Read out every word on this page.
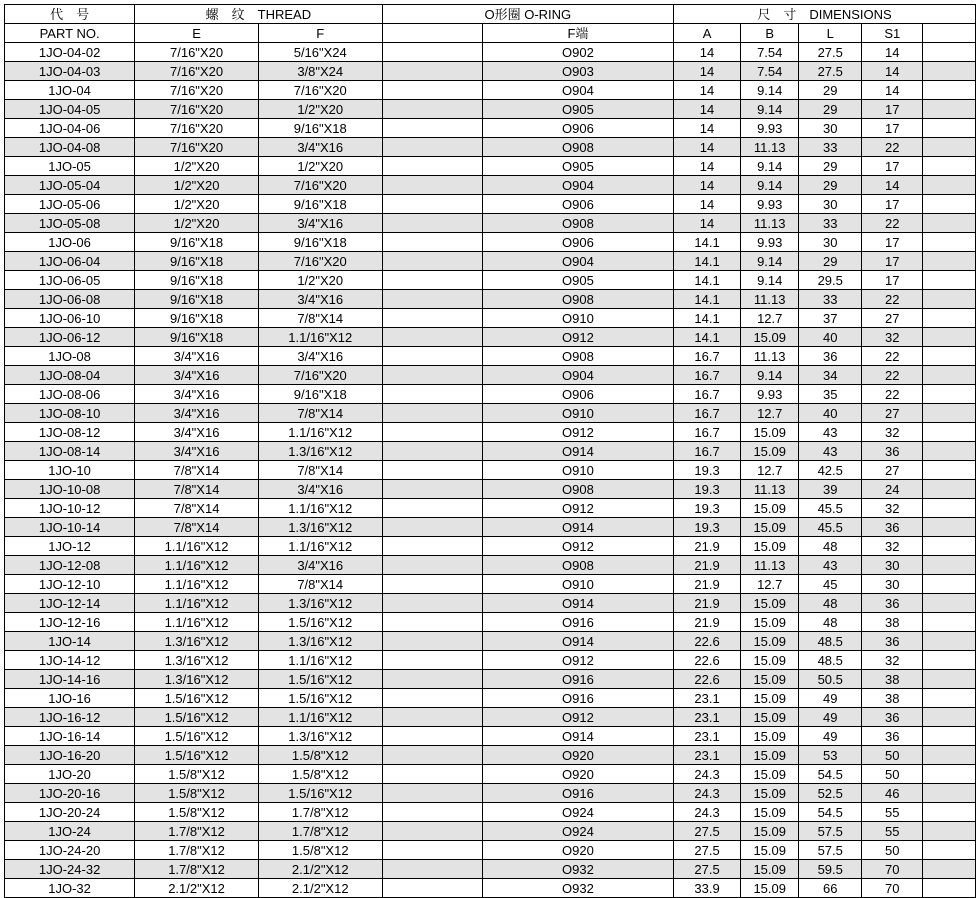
代　号	螺　纹　THREAD		O形圈 O-RING		尺　寸　DIMENSIONS				
PART NO.	E	F		F端	A	B	L	S1	
1JO-04-02	7/16"X20	5/16"X24		O902	14	7.54	27.5	14	
1JO-04-03	7/16"X20	3/8"X24		O903	14	7.54	27.5	14	
1JO-04	7/16"X20	7/16"X20		O904	14	9.14	29	14	
1JO-04-05	7/16"X20	1/2"X20		O905	14	9.14	29	17	
1JO-04-06	7/16"X20	9/16"X18		O906	14	9.93	30	17	
1JO-04-08	7/16"X20	3/4"X16		O908	14	11.13	33	22	
1JO-05	1/2"X20	1/2"X20		O905	14	9.14	29	17	
1JO-05-04	1/2"X20	7/16"X20		O904	14	9.14	29	14	
1JO-05-06	1/2"X20	9/16"X18		O906	14	9.93	30	17	
1JO-05-08	1/2"X20	3/4"X16		O908	14	11.13	33	22	
1JO-06	9/16"X18	9/16"X18		O906	14.1	9.93	30	17	
1JO-06-04	9/16"X18	7/16"X20		O904	14.1	9.14	29	17	
1JO-06-05	9/16"X18	1/2"X20		O905	14.1	9.14	29.5	17	
1JO-06-08	9/16"X18	3/4"X16		O908	14.1	11.13	33	22	
1JO-06-10	9/16"X18	7/8"X14		O910	14.1	12.7	37	27	
1JO-06-12	9/16"X18	1.1/16"X12		O912	14.1	15.09	40	32	
1JO-08	3/4"X16	3/4"X16		O908	16.7	11.13	36	22	
1JO-08-04	3/4"X16	7/16"X20		O904	16.7	9.14	34	22	
1JO-08-06	3/4"X16	9/16"X18		O906	16.7	9.93	35	22	
1JO-08-10	3/4"X16	7/8"X14		O910	16.7	12.7	40	27	
1JO-08-12	3/4"X16	1.1/16"X12		O912	16.7	15.09	43	32	
1JO-08-14	3/4"X16	1.3/16"X12		O914	16.7	15.09	43	36	
1JO-10	7/8"X14	7/8"X14		O910	19.3	12.7	42.5	27	
1JO-10-08	7/8"X14	3/4"X16		O908	19.3	11.13	39	24	
1JO-10-12	7/8"X14	1.1/16"X12		O912	19.3	15.09	45.5	32	
1JO-10-14	7/8"X14	1.3/16"X12		O914	19.3	15.09	45.5	36	
1JO-12	1.1/16"X12	1.1/16"X12		O912	21.9	15.09	48	32	
1JO-12-08	1.1/16"X12	3/4"X16		O908	21.9	11.13	43	30	
1JO-12-10	1.1/16"X12	7/8"X14		O910	21.9	12.7	45	30	
1JO-12-14	1.1/16"X12	1.3/16"X12		O914	21.9	15.09	48	36	
1JO-12-16	1.1/16"X12	1.5/16"X12		O916	21.9	15.09	48	38	
1JO-14	1.3/16"X12	1.3/16"X12		O914	22.6	15.09	48.5	36	
1JO-14-12	1.3/16"X12	1.1/16"X12		O912	22.6	15.09	48.5	32	
1JO-14-16	1.3/16"X12	1.5/16"X12		O916	22.6	15.09	50.5	38	
1JO-16	1.5/16"X12	1.5/16"X12		O916	23.1	15.09	49	38	
1JO-16-12	1.5/16"X12	1.1/16"X12		O912	23.1	15.09	49	36	
1JO-16-14	1.5/16"X12	1.3/16"X12		O914	23.1	15.09	49	36	
1JO-16-20	1.5/16"X12	1.5/8"X12		O920	23.1	15.09	53	50	
1JO-20	1.5/8"X12	1.5/8"X12		O920	24.3	15.09	54.5	50	
1JO-20-16	1.5/8"X12	1.5/16"X12		O916	24.3	15.09	52.5	46	
1JO-20-24	1.5/8"X12	1.7/8"X12		O924	24.3	15.09	54.5	55	
1JO-24	1.7/8"X12	1.7/8"X12		O924	27.5	15.09	57.5	55	
1JO-24-20	1.7/8"X12	1.5/8"X12		O920	27.5	15.09	57.5	50	
1JO-24-32	1.7/8"X12	2.1/2"X12		O932	27.5	15.09	59.5	70	
1JO-32	2.1/2"X12	2.1/2"X12		O932	33.9	15.09	66	70	
